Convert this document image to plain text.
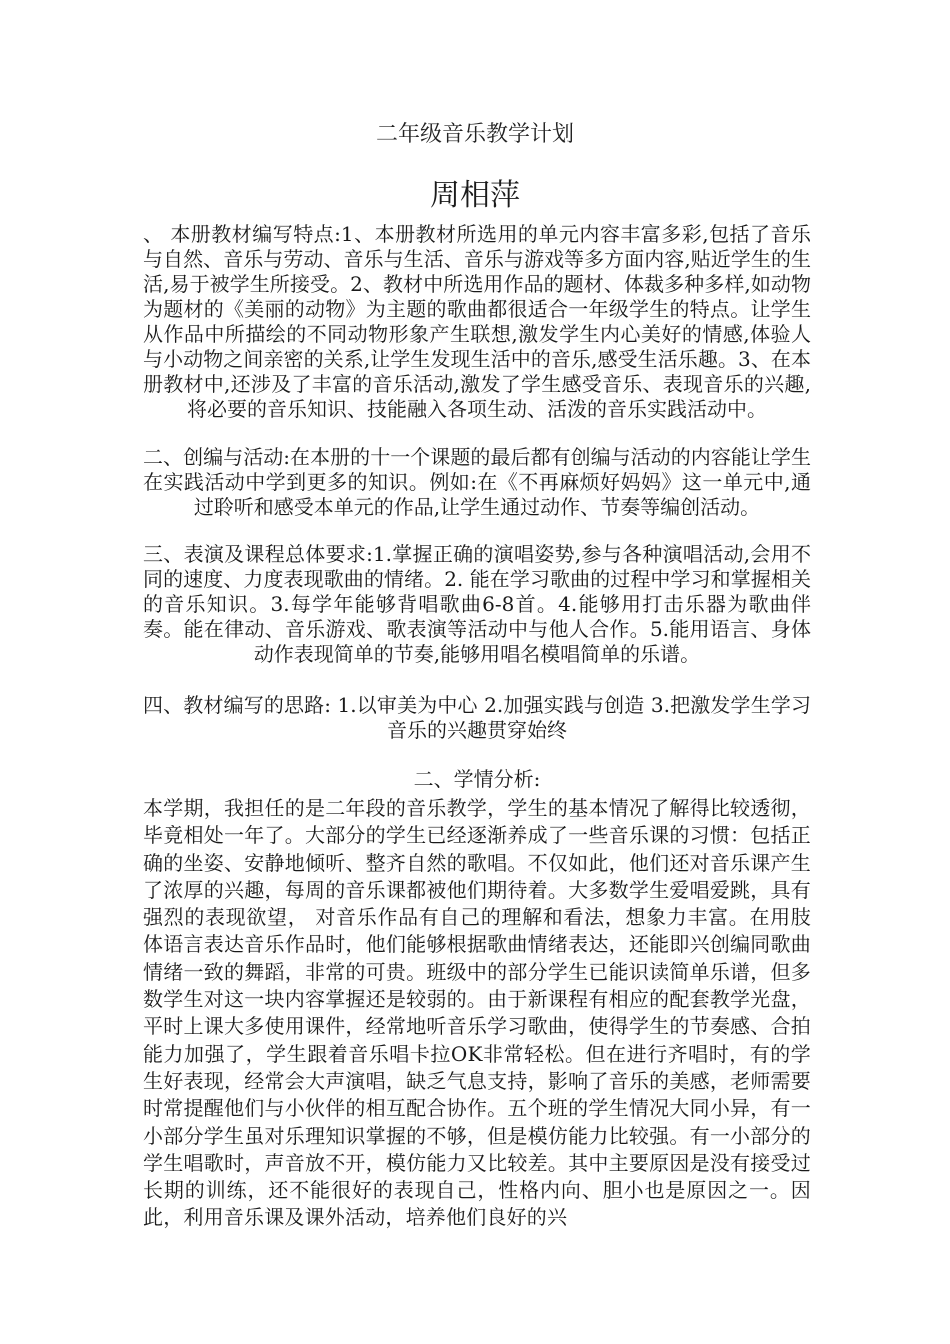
二年级音乐教学计划
周相萍

、 本册教材编写特点:1、本册教材所选用的单元内容丰富多彩,包括了音乐与自然、音乐与劳动、音乐与生活、音乐与游戏等多方面内容,贴近学生的生活,易于被学生所接受。2、教材中所选用作品的题材、体裁多种多样,如动物为题材的《美丽的动物》为主题的歌曲都很适合一年级学生的特点。让学生从作品中所描绘的不同动物形象产生联想,激发学生内心美好的情感,体验人与小动物之间亲密的关系,让学生发现生活中的音乐,感受生活乐趣。3、在本册教材中,还涉及了丰富的音乐活动,激发了学生感受音乐、表现音乐的兴趣,将必要的音乐知识、技能融入各项生动、活泼的音乐实践活动中。

二、创编与活动:在本册的十一个课题的最后都有创编与活动的内容能让学生在实践活动中学到更多的知识。例如:在《不再麻烦好妈妈》这一单元中,通过聆听和感受本单元的作品,让学生通过动作、节奏等编创活动。

三、表演及课程总体要求:1.掌握正确的演唱姿势,参与各种演唱活动,会用不同的速度、力度表现歌曲的情绪。2. 能在学习歌曲的过程中学习和掌握相关的音乐知识。3.每学年能够背唱歌曲6-8首。4.能够用打击乐器为歌曲伴奏。能在律动、音乐游戏、歌表演等活动中与他人合作。5.能用语言、身体动作表现简单的节奏,能够用唱名模唱简单的乐谱。

四、教材编写的思路: 1.以审美为中心 2.加强实践与创造 3.把激发学生学习音乐的兴趣贯穿始终

二、学情分析:

本学期，我担任的是二年段的音乐教学，学生的基本情况了解得比较透彻，毕竟相处一年了。大部分的学生已经逐渐养成了一些音乐课的习惯：包括正确的坐姿、安静地倾听、整齐自然的歌唱。不仅如此，他们还对音乐课产生了浓厚的兴趣，每周的音乐课都被他们期待着。大多数学生爱唱爱跳，具有强烈的表现欲望， 对音乐作品有自己的理解和看法，想象力丰富。在用肢体语言表达音乐作品时，他们能够根据歌曲情绪表达，还能即兴创编同歌曲情绪一致的舞蹈，非常的可贵。班级中的部分学生已能识读简单乐谱，但多数学生对这一块内容掌握还是较弱的。由于新课程有相应的配套教学光盘，平时上课大多使用课件，经常地听音乐学习歌曲，使得学生的节奏感、合拍能力加强了，学生跟着音乐唱卡拉OK非常轻松。但在进行齐唱时，有的学生好表现，经常会大声演唱，缺乏气息支持，影响了音乐的美感，老师需要时常提醒他们与小伙伴的相互配合协作。五个班的学生情况大同小异，有一小部分学生虽对乐理知识掌握的不够，但是模仿能力比较强。有一小部分的学生唱歌时，声音放不开，模仿能力又比较差。其中主要原因是没有接受过长期的训练，还不能很好的表现自己，性格内向、胆小也是原因之一。因此，利用音乐课及课外活动，培养他们良好的兴
